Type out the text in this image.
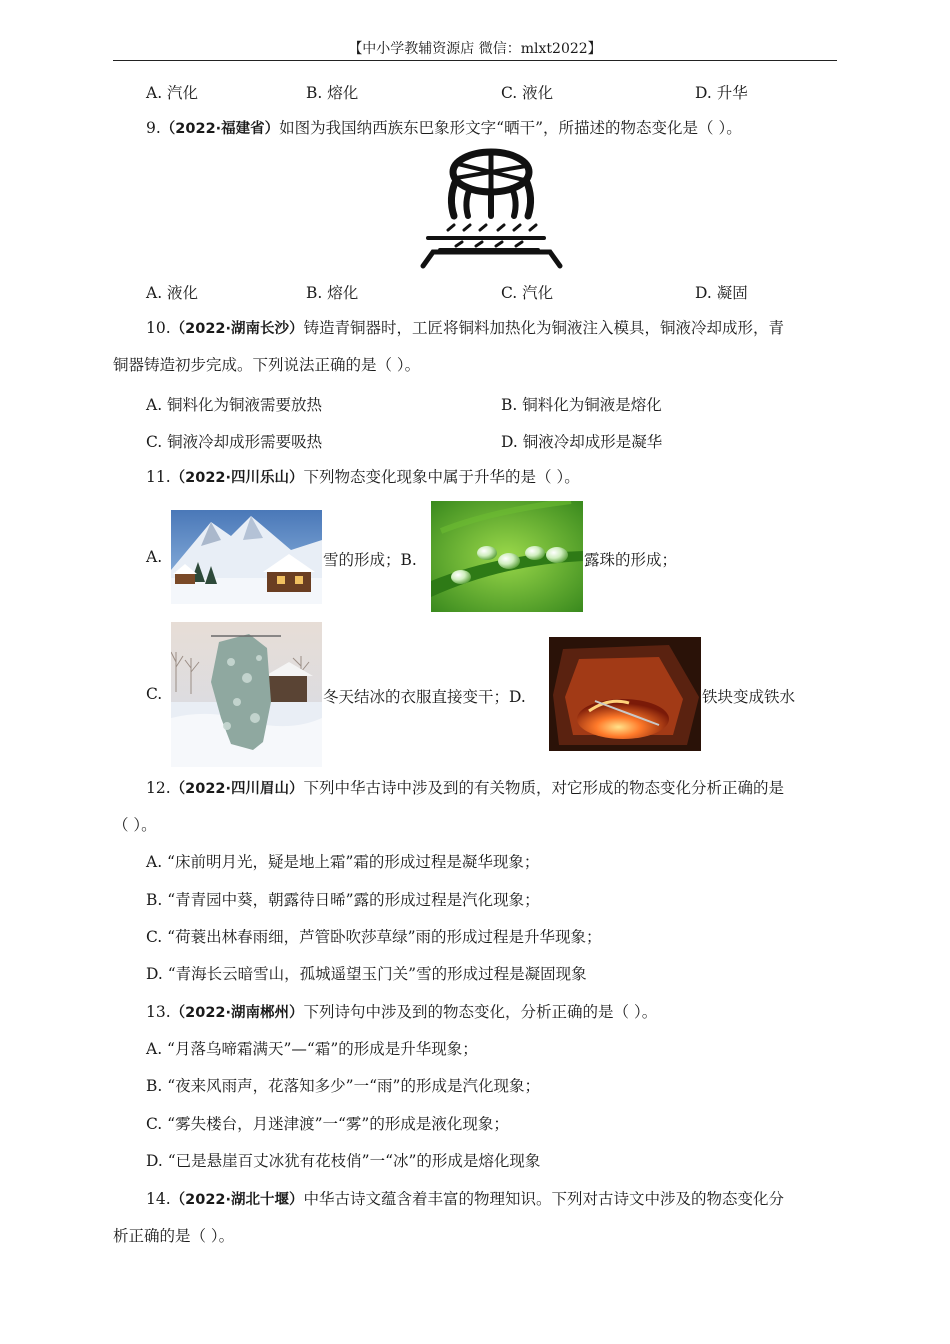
【中小学教辅资源店 微信：mlxt2022】
A. 汽化	B. 熔化	C. 液化	D. 升华
9.（2022·福建省）如图为我国纳西族东巴象形文字“晒干”，所描述的物态变化是（ ）。
A. 液化	B. 熔化	C. 汽化	D. 凝固
10.（2022·湖南长沙）铸造青铜器时，工匠将铜料加热化为铜液注入模具，铜液冷却成形，青
铜器铸造初步完成。下列说法正确的是（ ）。
A. 铜料化为铜液需要放热	B. 铜料化为铜液是熔化
C. 铜液冷却成形需要吸热	D. 铜液冷却成形是凝华
11.（2022·四川乐山）下列物态变化现象中属于升华的是（ ）。
A.	雪的形成；B.	露珠的形成；
C.	冬天结冰的衣服直接变干；D.	铁块变成铁水
12.（2022·四川眉山）下列中华古诗中涉及到的有关物质，对它形成的物态变化分析正确的是
（ ）。
A. “床前明月光，疑是地上霜”霜的形成过程是凝华现象；
B. “青青园中葵，朝露待日晞”露的形成过程是汽化现象；
C. “荷蓑出林春雨细，芦管卧吹莎草绿”雨的形成过程是升华现象；
D. “青海长云暗雪山，孤城遥望玉门关”雪的形成过程是凝固现象
13.（2022·湖南郴州）下列诗句中涉及到的物态变化，分析正确的是（ ）。
A. “月落乌啼霜满天”—“霜”的形成是升华现象；
B. “夜来风雨声，花落知多少”一“雨”的形成是汽化现象；
C. “雾失楼台，月迷津渡”一“雾”的形成是液化现象；
D. “已是悬崖百丈冰犹有花枝俏”一“冰”的形成是熔化现象
14.（2022·湖北十堰）中华古诗文蕴含着丰富的物理知识。下列对古诗文中涉及的物态变化分
析正确的是（ ）。
